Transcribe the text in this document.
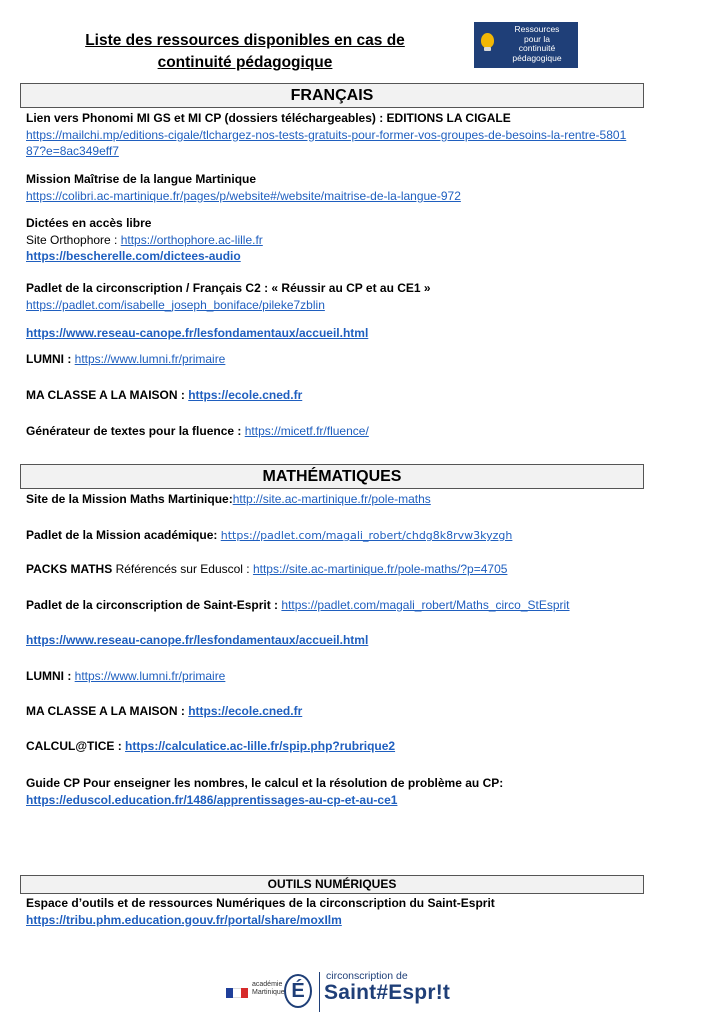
Liste des ressources disponibles en cas de
continuité pédagogique
Ressources
pour la
continuité
pédagogique
FRANÇAIS
Lien vers Phonomi MI GS et MI CP (dossiers téléchargeables) : EDITIONS LA CIGALE
https://mailchi.mp/editions-cigale/tlchargez-nos-tests-gratuits-pour-former-vos-groupes-de-besoins-la-rentre-580187?e=8ac349eff7
Mission Maîtrise de la langue Martinique
https://colibri.ac-martinique.fr/pages/p/website#/website/maitrise-de-la-langue-972
Dictées en accès libre
Site Orthophore : https://orthophore.ac-lille.fr
https://bescherelle.com/dictees-audio
Padlet de la circonscription / Français C2 : « Réussir au CP et au CE1 »
https://padlet.com/isabelle_joseph_boniface/pileke7zblin
https://www.reseau-canope.fr/lesfondamentaux/accueil.html
LUMNI : https://www.lumni.fr/primaire
MA CLASSE A LA MAISON : https://ecole.cned.fr
Générateur de textes pour la fluence : https://micetf.fr/fluence/
MATHÉMATIQUES
Site de la Mission Maths Martinique:http://site.ac-martinique.fr/pole-maths
Padlet de la Mission académique: https://padlet.com/magali_robert/chdg8k8rvw3kyzgh
PACKS MATHS Référencés sur Eduscol : https://site.ac-martinique.fr/pole-maths/?p=4705
Padlet de la circonscription de Saint-Esprit : https://padlet.com/magali_robert/Maths_circo_StEsprit
https://www.reseau-canope.fr/lesfondamentaux/accueil.html
LUMNI : https://www.lumni.fr/primaire
MA CLASSE A LA MAISON : https://ecole.cned.fr
CALCUL@TICE : https://calculatice.ac-lille.fr/spip.php?rubrique2
Guide CP Pour enseigner les nombres, le calcul et la résolution de problème au CP:
https://eduscol.education.fr/1486/apprentissages-au-cp-et-au-ce1
OUTILS NUMÉRIQUES
Espace d’outils et de ressources Numériques de la circonscription du Saint-Esprit
https://tribu.phm.education.gouv.fr/portal/share/moxIlm
académie
Martinique É
circonscription de
Saint#Espr!t
